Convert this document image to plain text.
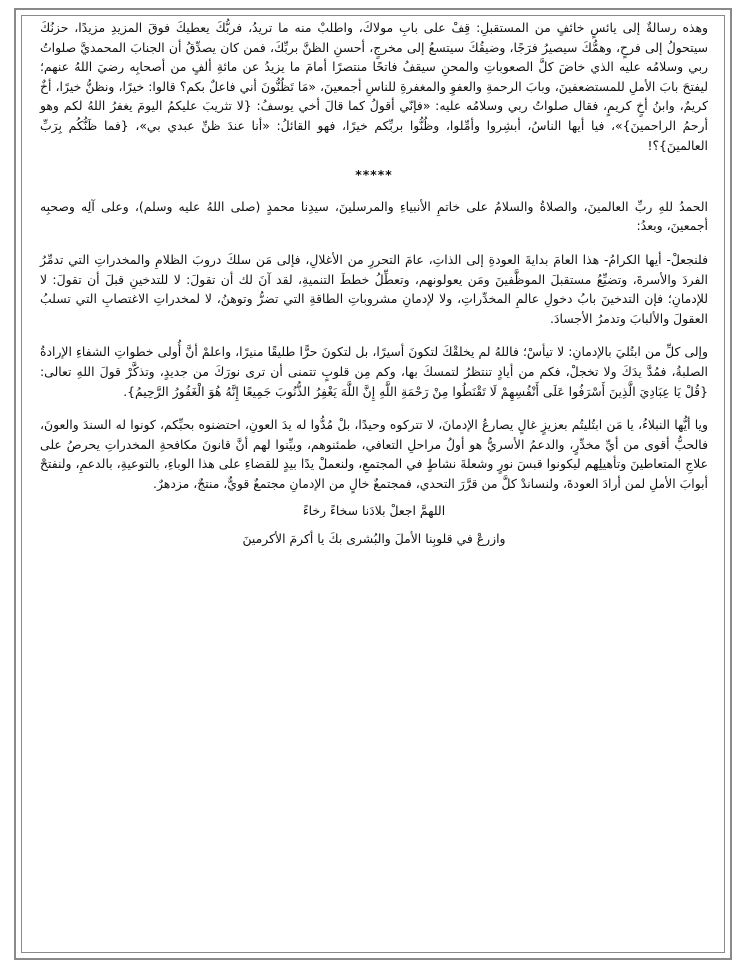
وهذه رسالةٌ إلى يائسٍ خائفٍ من المستقبلِ: قِفْ على بابِ مولاكَ، واطلبْ منه ما تريدُ، فربُّكَ يعطيكَ فوقَ المزيدِ مزيدًا، حزنُكَ سيتحولُ إلى فرحٍ، وهمُّكَ سيصيرُ فرَجًا، وضيقُكَ سيتسعُ إلى مخرجٍ، أحسنِ الظنَّ بربِّكَ، فمن كان يصدِّقُ أن الجنابَ المحمديَّ صلواتُ ربي وسلامُه عليه الذي خاضَ كلَّ الصعوباتِ والمحنِ سيقفُ فاتحًا منتصرًا أمامَ ما يزيدُ عن مائةِ ألفٍ من أصحابِه رضيَ اللهُ عنهم؛ ليفتحَ بابَ الأملِ للمستضعفينَ، وبابَ الرحمةِ والعفوِ والمغفرةِ للناسِ أجمعينَ، «مَا تَظُنُّونَ أني فاعلٌ بكم؟ قالوا: خيرًا، ونظنُّ خيرًا، أخٌ كريمٌ، وابنُ أخٍ كريمٍ، فقال صلواتُ ربي وسلامُه عليه: «فإنّي أقولُ كما قالَ أخي يوسفُ: {لا تثريبَ عليكمُ اليومَ يغفرُ اللهُ لكم وهو أرحمُ الراحمينَ}»، فيا أيها الناسُ، أبشِروا وأمِّلوا، وظُنُّوا بربِّكم خيرًا، فهو القائلُ: «أنا عندَ ظنِّ عبدي بي»، {فما ظَنُّكُم بِرَبِّ العالمينَ}؟!

*****

الحمدُ للهِ ربِّ العالمينَ، والصلاةُ والسلامُ على خاتمِ الأنبياءِ والمرسلينَ، سيدِنا محمدٍ (صلى اللهُ عليه وسلم)، وعلى آلِه وصحبِه أجمعينَ، وبعدُ:

فلنجعلْ- أيها الكرامُ- هذا العامَ بدايةَ العودةِ إلى الذاتِ، عامَ التحررِ من الأغلالِ، فإلى مَن سلكَ دروبَ الظلامِ والمخدراتِ التي تدمِّرُ الفردَ والأسرةَ، وتضيِّعُ مستقبلَ الموظَّفينَ ومَن يعولونهم، وتعطِّلُ خططَ التنميةِ، لقد آنَ لك أن تقولَ: لا للتدخينِ قبلَ أن تقولَ: لا للإدمانِ؛ فإن التدخينَ بابُ دخولِ عالمِ المخدِّراتِ، ولا لإدمانِ مشروباتِ الطاقةِ التي تضرُّ وتوهنُ، لا لمخدراتِ الاغتصابِ التي تسلبُ العقولَ والألبابَ وتدمرُ الأجسادَ.

وإلى كلِّ من ابتُليَ بالإدمانِ: لا تيأسْ؛ فاللهُ لم يخلقْكَ لتكونَ أسيرًا، بل لتكونَ حرًّا طليقًا منيرًا، واعلمْ أنَّ أُولى خطواتِ الشفاءِ الإرادةُ الصلبةُ، فمُدَّ يدَكَ ولا تخجلْ، فكم من أيادٍ تنتظرُ لتمسكَ بها، وكم مِن قلوبٍ تتمنى أن ترى نورَكَ من جديدٍ، وتذكَّرْ قولَ اللهِ تعالى: {قُلْ يَا عِبَادِيَ الَّذِينَ أَسْرَفُوا عَلَى أَنْفُسِهِمْ لَا تَقْنَطُوا مِنْ رَحْمَةِ اللَّهِ إِنَّ اللَّهَ يَغْفِرُ الذُّنُوبَ جَمِيعًا إِنَّهُ هُوَ الْغَفُورُ الرَّحِيمُ}.

ويا أيُّها النبلاءُ، يا مَن ابتُليتُم بعزيزٍ غالٍ يصارعُ الإدمانَ، لا تتركوه وحيدًا، بلْ مُدُّوا له يدَ العونِ، احتضنوه بحبِّكم، كونوا له السندَ والعونَ، فالحبُّ أقوى من أيِّ مخدِّرٍ، والدعمُ الأسريُّ هو أولُ مراحلِ التعافي، طمئنوهم، وبيِّنوا لهم أنَّ قانونَ مكافحةِ المخدراتِ يحرصُ على علاجِ المتعاطينَ وتأهيلِهم ليكونوا قبسَ نورٍ وشعلةَ نشاطٍ في المجتمعِ، ولنعملْ يدًا بيدٍ للقضاءِ على هذا الوباءِ، بالتوعيةِ، بالدعمِ، ولنفتحْ أبوابَ الأملِ لمن أرادَ العودةَ، ولنساندْ كلَّ من قرَّرَ التحدي، فمجتمعٌ خالٍ من الإدمانِ مجتمعٌ قويٌّ، منتجٌ، مزدهرٌ.

اللهمَّ اجعلْ بلادَنا سخاءً رخاءً

وازرعْ في قلوبِنا الأملَ والبُشرى بكَ يا أكرمَ الأكرمينَ
